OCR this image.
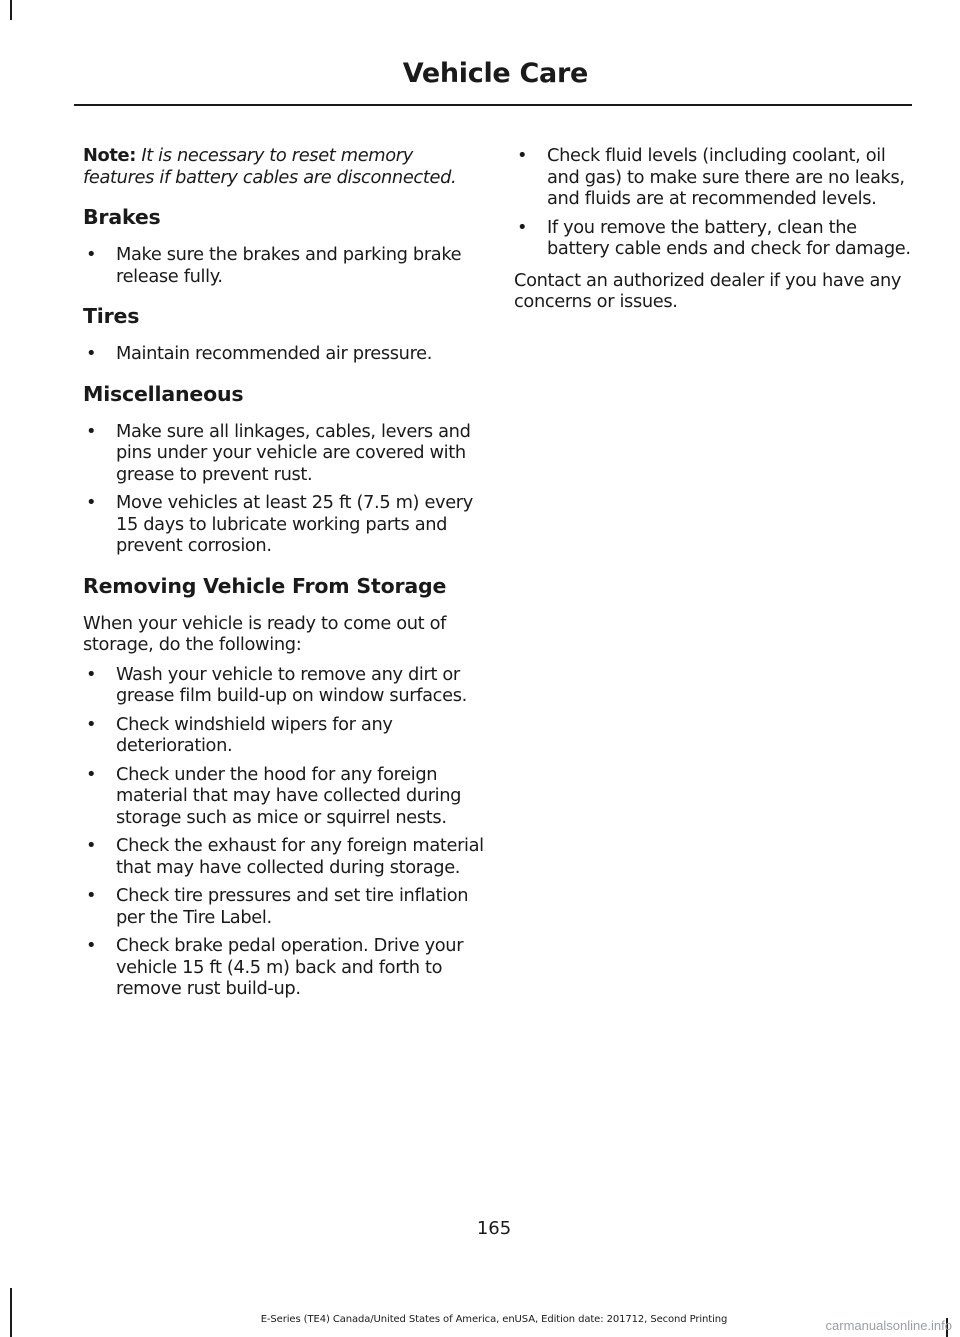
Vehicle Care

Note: It is necessary to reset memory features if battery cables are disconnected.

Brakes
• Make sure the brakes and parking brake release fully.
Tires
• Maintain recommended air pressure.
Miscellaneous
• Make sure all linkages, cables, levers and pins under your vehicle are covered with grease to prevent rust.
• Move vehicles at least 25 ft (7.5 m) every 15 days to lubricate working parts and prevent corrosion.
Removing Vehicle From Storage

When your vehicle is ready to come out of storage, do the following:

• Wash your vehicle to remove any dirt or grease film build-up on window surfaces.
• Check windshield wipers for any deterioration.
• Check under the hood for any foreign material that may have collected during storage such as mice or squirrel nests.
• Check the exhaust for any foreign material that may have collected during storage.
• Check tire pressures and set tire inflation per the Tire Label.
• Check brake pedal operation. Drive your vehicle 15 ft (4.5 m) back and forth to remove rust build-up.
• Check fluid levels (including coolant, oil and gas) to make sure there are no leaks, and fluids are at recommended levels.
• If you remove the battery, clean the battery cable ends and check for damage.

Contact an authorized dealer if you have any concerns or issues.

165
E-Series (TE4) Canada/United States of America, enUSA, Edition date: 201712, Second Printing	carmanualsonline.info
